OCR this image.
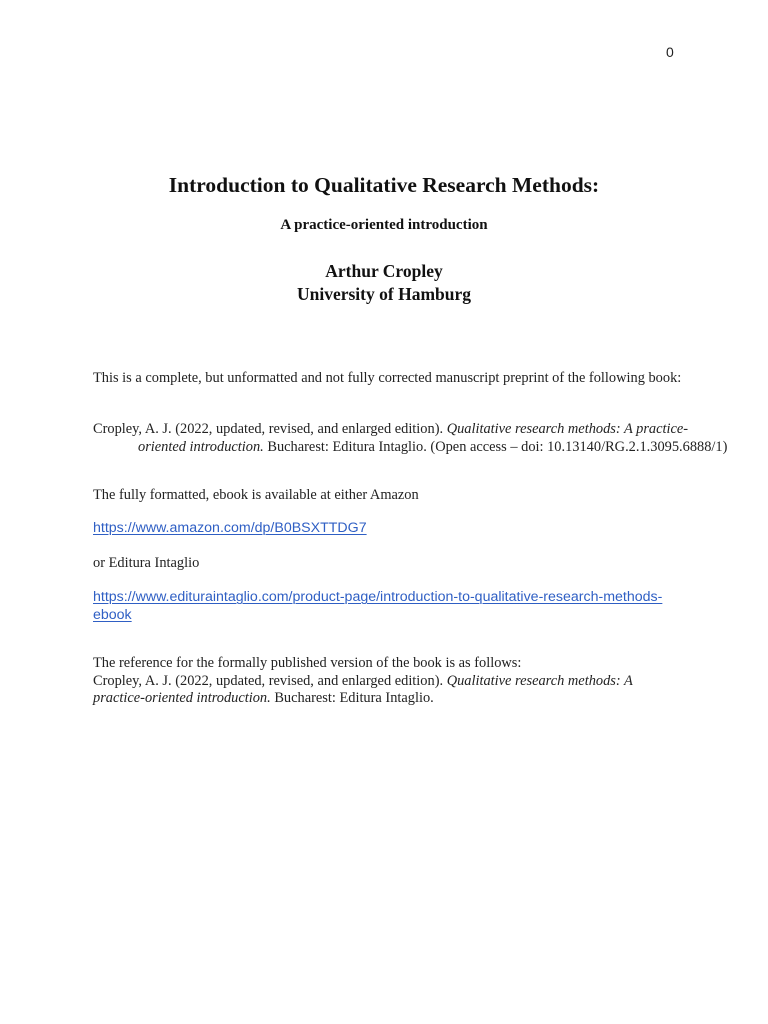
0
Introduction to Qualitative Research Methods:
A practice-oriented introduction
Arthur Cropley
University of Hamburg
This is a complete, but unformatted and not fully corrected manuscript preprint of the following book:
Cropley, A. J. (2022, updated, revised, and enlarged edition). Qualitative research methods: A practice-oriented introduction. Bucharest: Editura Intaglio. (Open access – doi: 10.13140/RG.2.1.3095.6888/1)
The fully formatted, ebook is available at either Amazon
https://www.amazon.com/dp/B0BSXTTDG7
or Editura Intaglio
https://www.edituraintaglio.com/product-page/introduction-to-qualitative-research-methods-ebook
The reference for the formally published version of the book is as follows:
Cropley, A. J. (2022, updated, revised, and enlarged edition). Qualitative research methods: A practice-oriented introduction. Bucharest: Editura Intaglio.
